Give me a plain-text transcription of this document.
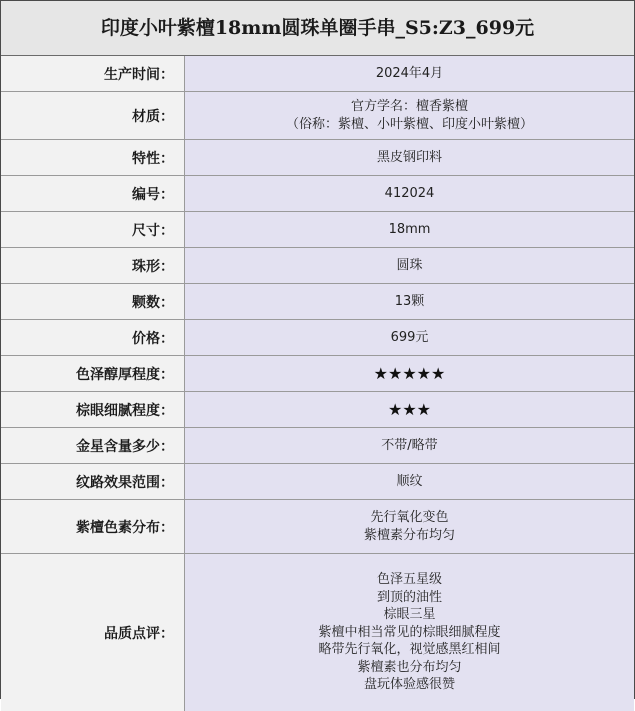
印度小叶紫檀18mm圆珠单圈手串_S5:Z3_699元
生产时间：	2024年4月
材质：
官方学名：檀香紫檀
（俗称：紫檀、小叶紫檀、印度小叶紫檀）
特性：	黑皮钢印料
编号：	412024
尺寸：	18mm
珠形：	圆珠
颗数：	13颗
价格：	699元
色泽醇厚程度：	★★★★★
棕眼细腻程度：	★★★
金星含量多少：	不带/略带
纹路效果范围：	顺纹
紫檀色素分布：
先行氧化变色
紫檀素分布均匀
品质点评：
色泽五星级
到顶的油性
棕眼三星
紫檀中相当常见的棕眼细腻程度
略带先行氧化，视觉感黑红相间
紫檀素也分布均匀
盘玩体验感很赞
